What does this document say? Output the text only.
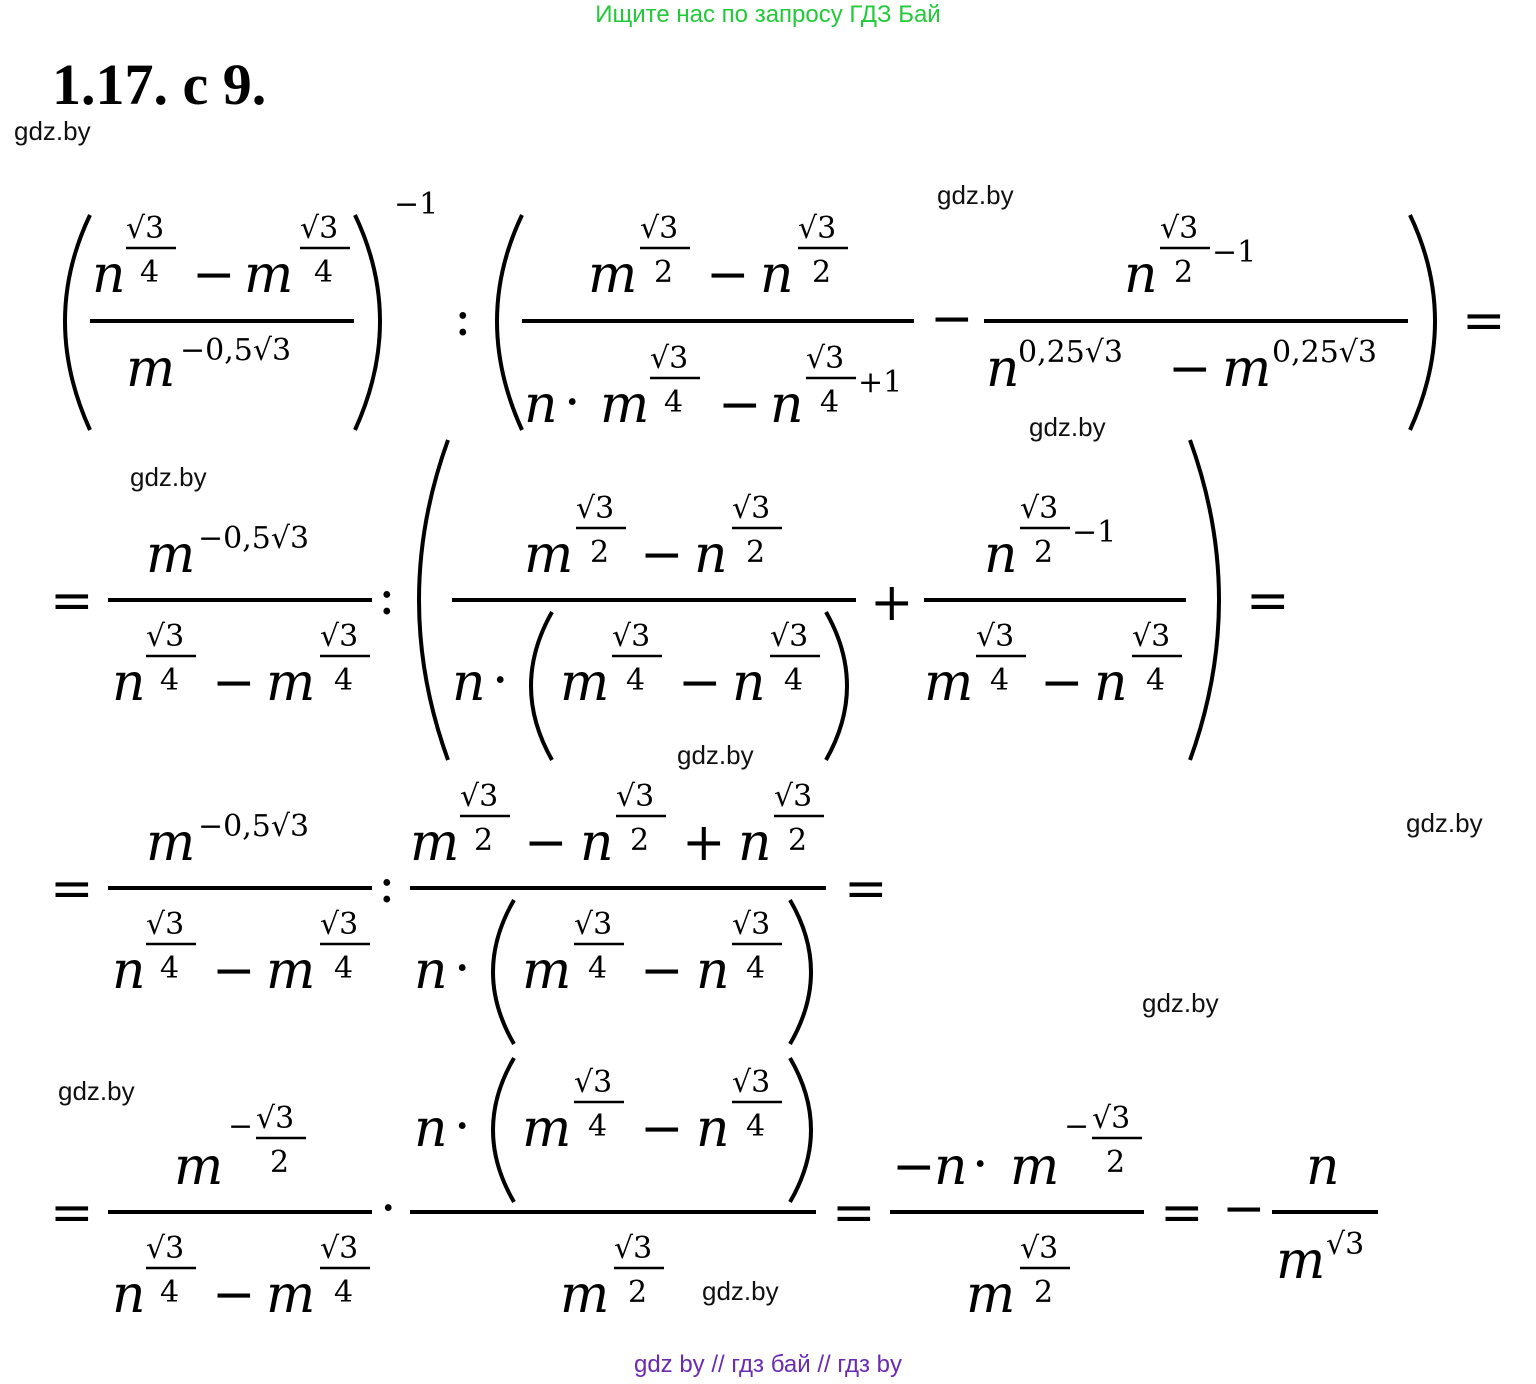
Ищите нас по запросу ГДЗ Бай
1.17. с 9.
gdz.by
gdz.by
gdz.by
gdz.by
gdz.by
gdz.by
gdz.by
gdz.by
gdz.by
n
√3
4 − m
√3
4
m −0,5√3
−1
:
m
√3
2 − n
√3
2
n · m
√3
4 − n
√3
4
+1
−
n
√3
2
−1
n
0,25√3 − m 0,25√3
=
=
m −0,5√3
n
√3
4 − m
√3
4
:
m
√3
2 − n
√3
2
n · m
√3
4 − n
√3
4
+
n
√3
2
−1
m
√3
4 − n
√3
4
=
=
m −0,5√3
n
√3
4 − m
√3
4
:
m
√3
2 − n
√3
2 + n
√3
2
n · m
√3
4 − n
√3
4
=
=
m
− √3
2
n
√3
4 − m
√3
4
·
n · m
√3
4 − n
√3
4
m
√3
2
=
−
n · m
− √3
2
m
√3
2
= −
n
m √3
gdz by // гдз бай // гдз by
